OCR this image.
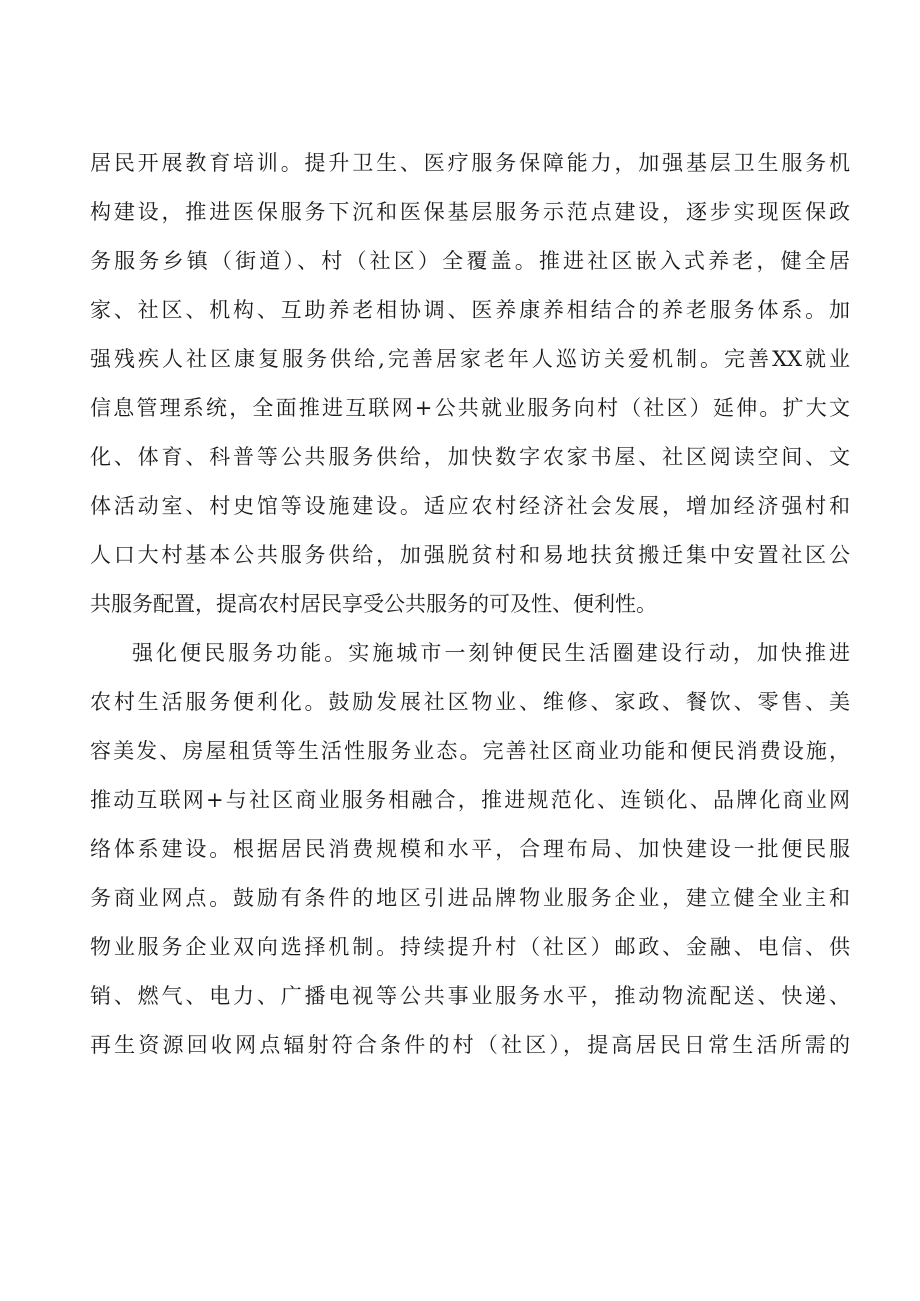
居民开展教育培训。提升卫生、医疗服务保障能力，加强基层卫生服务机
构建设，推进医保服务下沉和医保基层服务示范点建设，逐步实现医保政
务服务乡镇（街道）、村（社区）全覆盖。推进社区嵌入式养老，健全居
家、社区、机构、互助养老相协调、医养康养相结合的养老服务体系。加
强残疾人社区康复服务供给,完善居家老年人巡访关爱机制。完善XX就业
信息管理系统，全面推进互联网+公共就业服务向村（社区）延伸。扩大文
化、体育、科普等公共服务供给，加快数字农家书屋、社区阅读空间、文
体活动室、村史馆等设施建设。适应农村经济社会发展，增加经济强村和
人口大村基本公共服务供给，加强脱贫村和易地扶贫搬迁集中安置社区公
共服务配置，提高农村居民享受公共服务的可及性、便利性。
强化便民服务功能。实施城市一刻钟便民生活圈建设行动，加快推进
农村生活服务便利化。鼓励发展社区物业、维修、家政、餐饮、零售、美
容美发、房屋租赁等生活性服务业态。完善社区商业功能和便民消费设施，
推动互联网+与社区商业服务相融合，推进规范化、连锁化、品牌化商业网
络体系建设。根据居民消费规模和水平，合理布局、加快建设一批便民服
务商业网点。鼓励有条件的地区引进品牌物业服务企业，建立健全业主和
物业服务企业双向选择机制。持续提升村（社区）邮政、金融、电信、供
销、燃气、电力、广播电视等公共事业服务水平，推动物流配送、快递、
再生资源回收网点辐射符合条件的村（社区），提高居民日常生活所需的
